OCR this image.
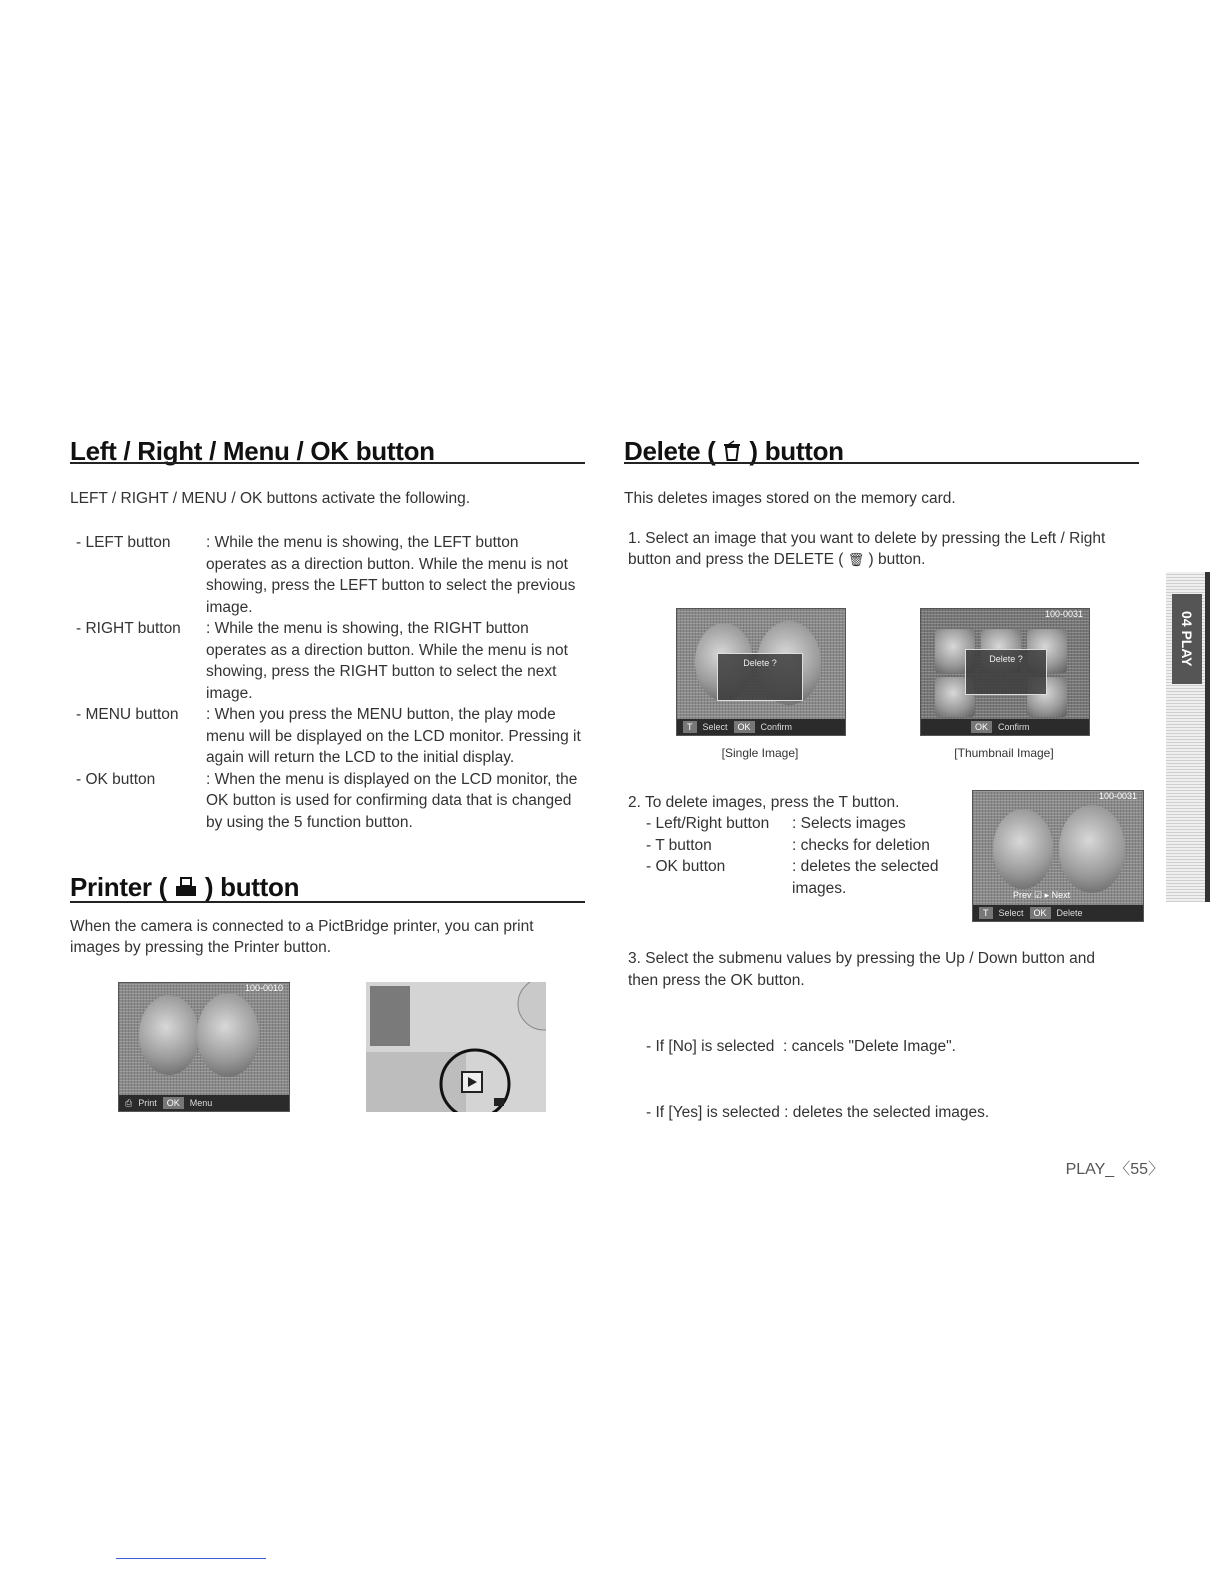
Left / Right / Menu / OK button
LEFT / RIGHT / MENU / OK buttons activate the following.
- LEFT button	: While the menu is showing, the LEFT button operates as a direction button. While the menu is not showing, press the LEFT button to select the previous image.
- RIGHT button	: While the menu is showing, the RIGHT button operates as a direction button. While the menu is not showing, press the RIGHT button to select the next image.
- MENU button	: When you press the MENU button, the play mode menu will be displayed on the LCD monitor. Pressing it again will return the LCD to the initial display.
- OK button	: When the menu is displayed on the LCD monitor, the OK button is used for confirming data that is changed by using the 5 function button.
Printer ( ) button
When the camera is connected to a PictBridge printer, you can print images by pressing the Printer button.
100-0010
⎙ Print	OK	Menu
Delete ( ) button
This deletes images stored on the memory card.
1. Select an image that you want to delete by pressing the Left / Right button and press the DELETE ( 🗑 ) button.
Delete ?
T	Select	OK	Confirm
[Single Image]
100-0031
Delete ?
OK	Confirm
[Thumbnail Image]
2. To delete images, press the T button.
- Left/Right button	: Selects images
- T button	: checks for deletion
- OK button	: deletes the selected images.
100-0031
Prev ☑ ▸ Next
T	Select	OK	Delete
3. Select the submenu values by pressing the Up / Down button and then press the OK button.

- If [No] is selected  : cancels "Delete Image".

- If [Yes] is selected : deletes the selected images.

04 PLAY
PLAY_〈55〉
